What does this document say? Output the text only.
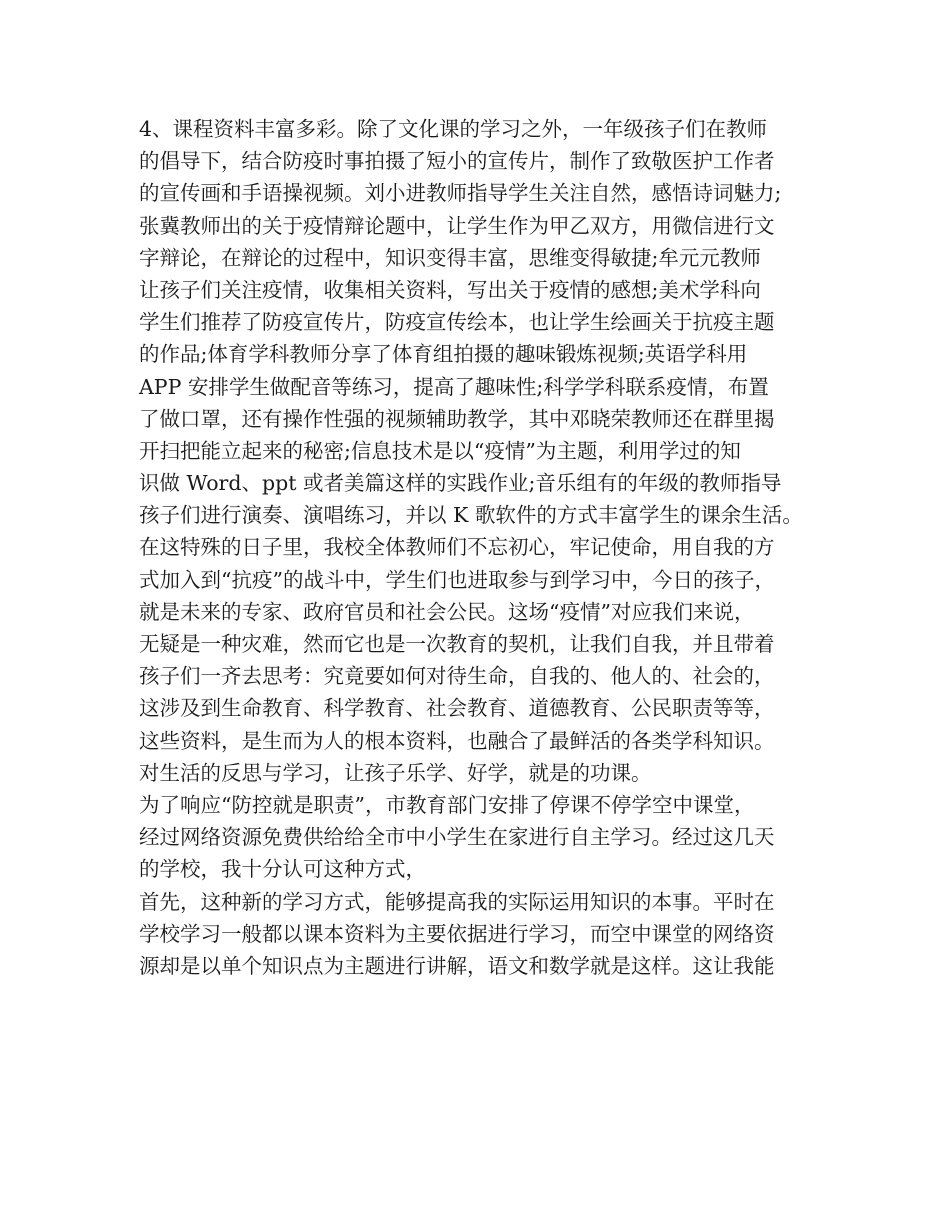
4、课程资料丰富多彩。除了文化课的学习之外，一年级孩子们在教师
的倡导下，结合防疫时事拍摄了短小的宣传片，制作了致敬医护工作者
的宣传画和手语操视频。刘小进教师指导学生关注自然，感悟诗词魅力;
张冀教师出的关于疫情辩论题中，让学生作为甲乙双方，用微信进行文
字辩论，在辩论的过程中，知识变得丰富，思维变得敏捷;牟元元教师
让孩子们关注疫情，收集相关资料，写出关于疫情的感想;美术学科向
学生们推荐了防疫宣传片，防疫宣传绘本，也让学生绘画关于抗疫主题
的作品;体育学科教师分享了体育组拍摄的趣味锻炼视频;英语学科用
APP 安排学生做配音等练习，提高了趣味性;科学学科联系疫情，布置
了做口罩，还有操作性强的视频辅助教学，其中邓晓荣教师还在群里揭
开扫把能立起来的秘密;信息技术是以“疫情”为主题，利用学过的知
识做 Word、ppt 或者美篇这样的实践作业;音乐组有的年级的教师指导
孩子们进行演奏、演唱练习，并以 K 歌软件的方式丰富学生的课余生活。
在这特殊的日子里，我校全体教师们不忘初心，牢记使命，用自我的方
式加入到“抗疫”的战斗中，学生们也进取参与到学习中，今日的孩子，
就是未来的专家、政府官员和社会公民。这场“疫情”对应我们来说，
无疑是一种灾难，然而它也是一次教育的契机，让我们自我，并且带着
孩子们一齐去思考：究竟要如何对待生命，自我的、他人的、社会的，
这涉及到生命教育、科学教育、社会教育、道德教育、公民职责等等，
这些资料，是生而为人的根本资料，也融合了最鲜活的各类学科知识。
对生活的反思与学习，让孩子乐学、好学，就是的功课。
为了响应“防控就是职责”，市教育部门安排了停课不停学空中课堂，
经过网络资源免费供给给全市中小学生在家进行自主学习。经过这几天
的学校，我十分认可这种方式，
首先，这种新的学习方式，能够提高我的实际运用知识的本事。平时在
学校学习一般都以课本资料为主要依据进行学习，而空中课堂的网络资
源却是以单个知识点为主题进行讲解，语文和数学就是这样。这让我能
